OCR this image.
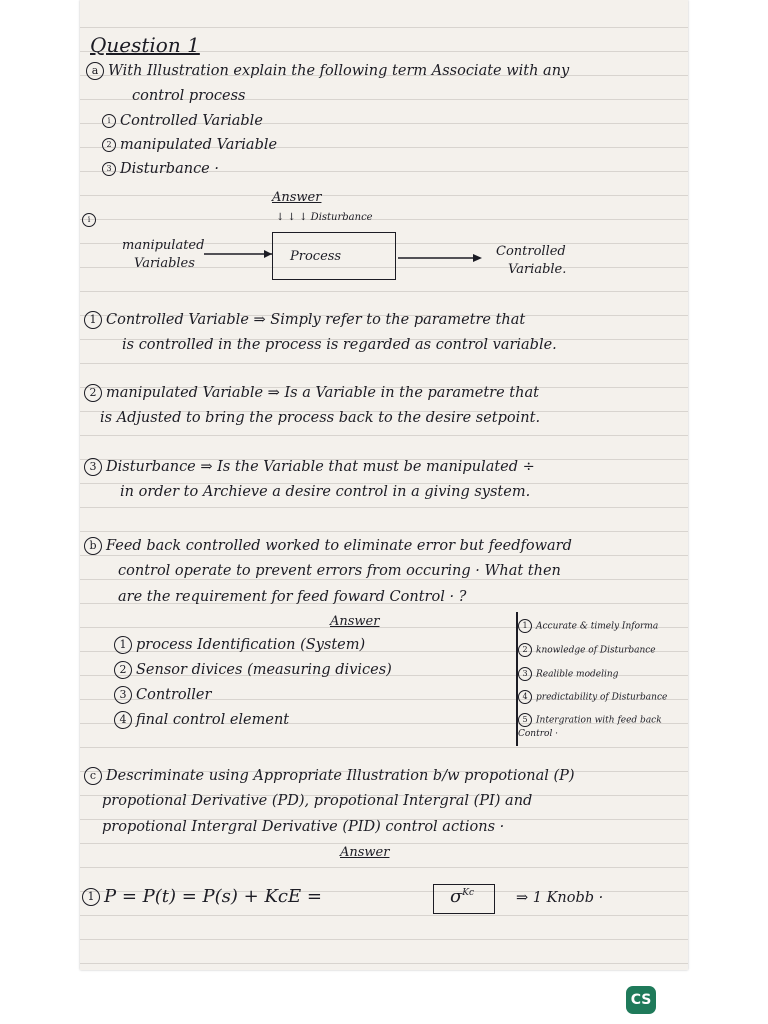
Question 1
a With Illustration explain the following term Associate with any
control process
i Controlled Variable
2 manipulated Variable
3 Disturbance ·
Answer
↓ ↓ ↓ Disturbance
i
manipulated
Variables	Process	Controlled
Variable.
1 Controlled Variable ⇒ Simply refer to the parametre that
is controlled in the process is regarded as control variable.
2 manipulated Variable ⇒ Is a Variable in the parametre that
is Adjusted to bring the process back to the desire setpoint.
3 Disturbance ⇒ Is the Variable that must be manipulated ÷
in order to Archieve a desire control in a giving system.
b Feed back controlled worked to eliminate error but feedfoward
control operate to prevent errors from occuring · What then
are the requirement for feed foward Control · ?
Answer
1 process Identification (System)
2 Sensor divices (measuring divices)
3 Controller
4 final control element
1 Accurate & timely Informa
2 knowledge of Disturbance
3 Realible modeling
4 predictability of Disturbance
5 Intergration with feed back Control ·
c Descriminate using Appropriate Illustration b/w propotional (P)
propotional Derivative (PD), propotional Intergral (PI) and
propotional Intergral Derivative (PID) control actions ·
Answer
1 P = P(t) = P(s) + KcE =	$\sigma^{Kc}$	⇒ 1 Knobb ·
CS
